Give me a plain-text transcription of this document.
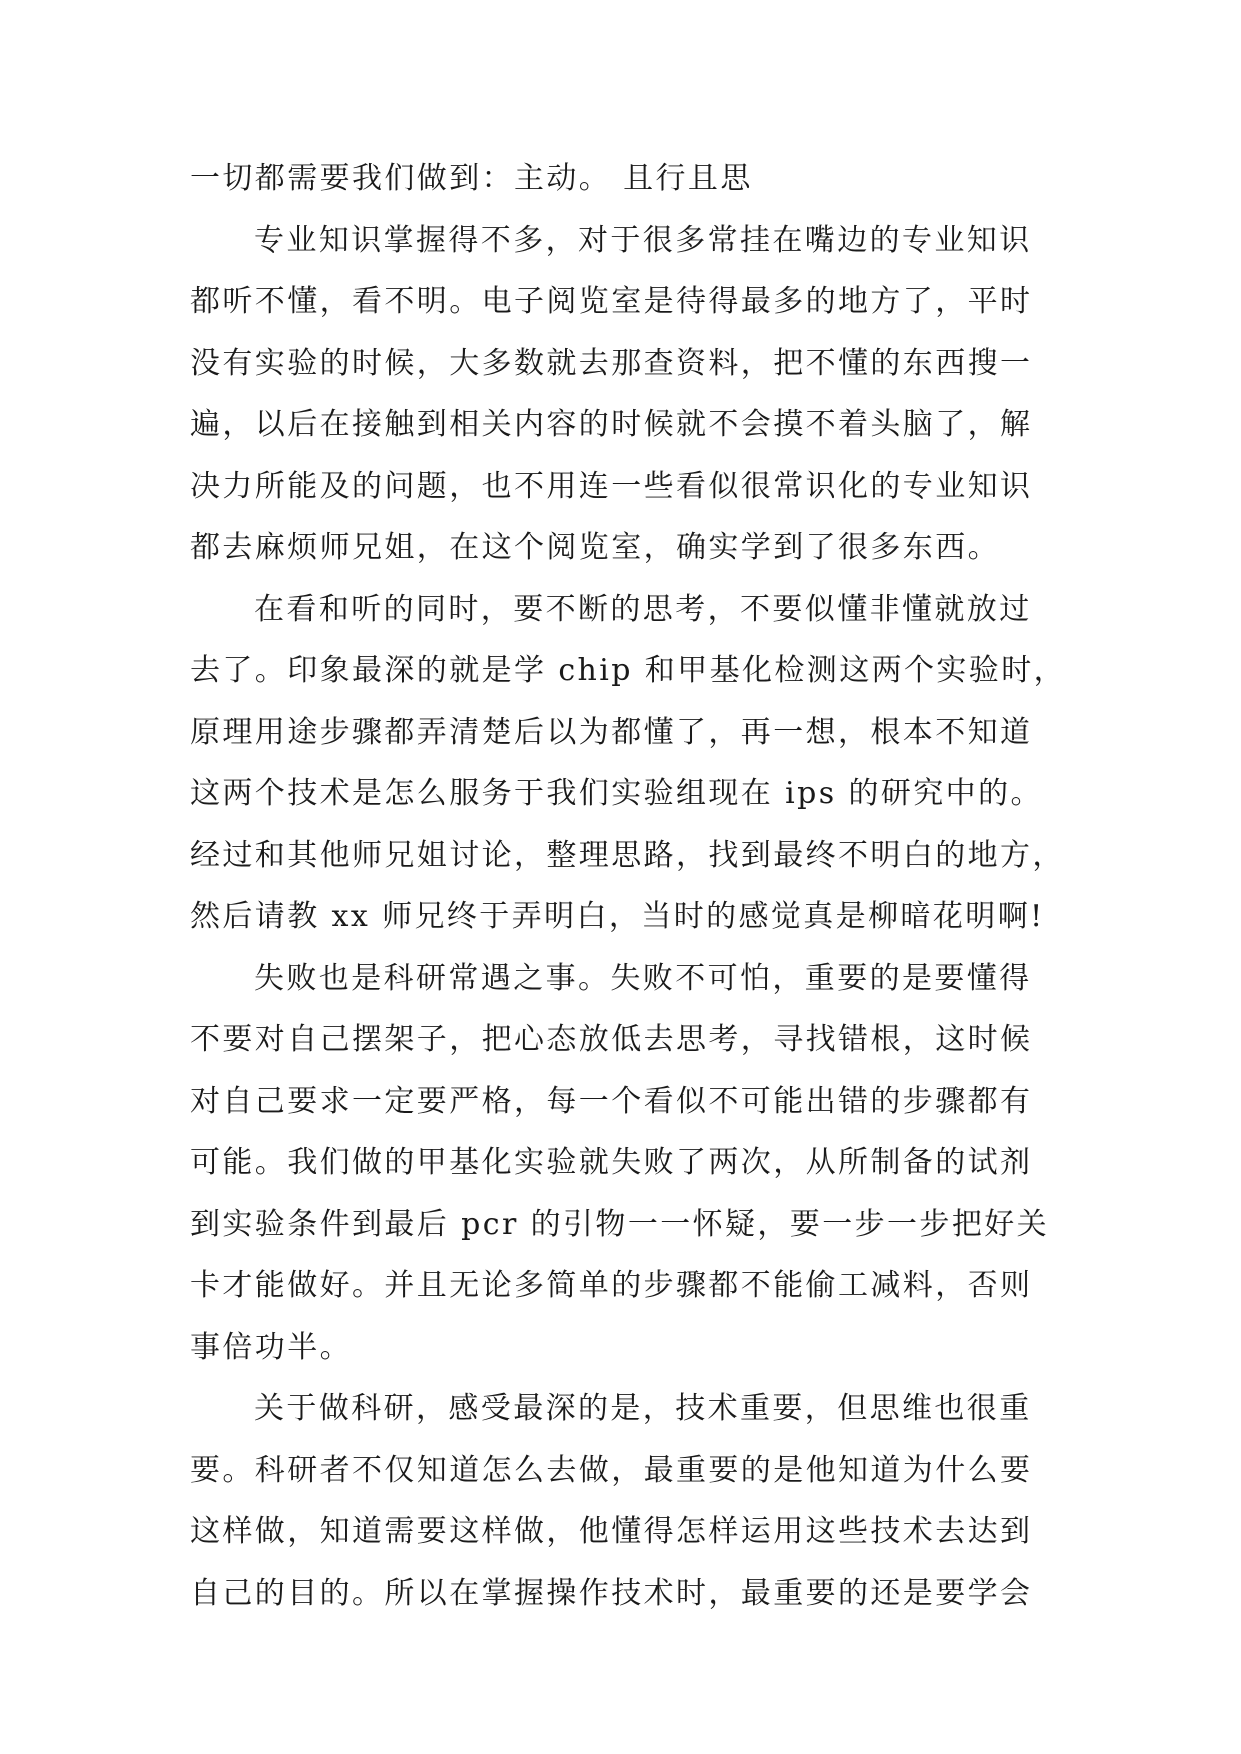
一切都需要我们做到：主动。 且行且思
专业知识掌握得不多，对于很多常挂在嘴边的专业知识
都听不懂，看不明。电子阅览室是待得最多的地方了，平时
没有实验的时候，大多数就去那查资料，把不懂的东西搜一
遍，以后在接触到相关内容的时候就不会摸不着头脑了，解
决力所能及的问题，也不用连一些看似很常识化的专业知识
都去麻烦师兄姐，在这个阅览室，确实学到了很多东西。
在看和听的同时，要不断的思考，不要似懂非懂就放过
去了。印象最深的就是学 chip 和甲基化检测这两个实验时，
原理用途步骤都弄清楚后以为都懂了，再一想，根本不知道
这两个技术是怎么服务于我们实验组现在 ips 的研究中的。
经过和其他师兄姐讨论，整理思路，找到最终不明白的地方，
然后请教 xx 师兄终于弄明白，当时的感觉真是柳暗花明啊!
失败也是科研常遇之事。失败不可怕，重要的是要懂得
不要对自己摆架子，把心态放低去思考，寻找错根，这时候
对自己要求一定要严格，每一个看似不可能出错的步骤都有
可能。我们做的甲基化实验就失败了两次，从所制备的试剂
到实验条件到最后 pcr 的引物一一怀疑，要一步一步把好关
卡才能做好。并且无论多简单的步骤都不能偷工减料，否则
事倍功半。
关于做科研，感受最深的是，技术重要，但思维也很重
要。科研者不仅知道怎么去做，最重要的是他知道为什么要
这样做，知道需要这样做，他懂得怎样运用这些技术去达到
自己的目的。所以在掌握操作技术时，最重要的还是要学会
